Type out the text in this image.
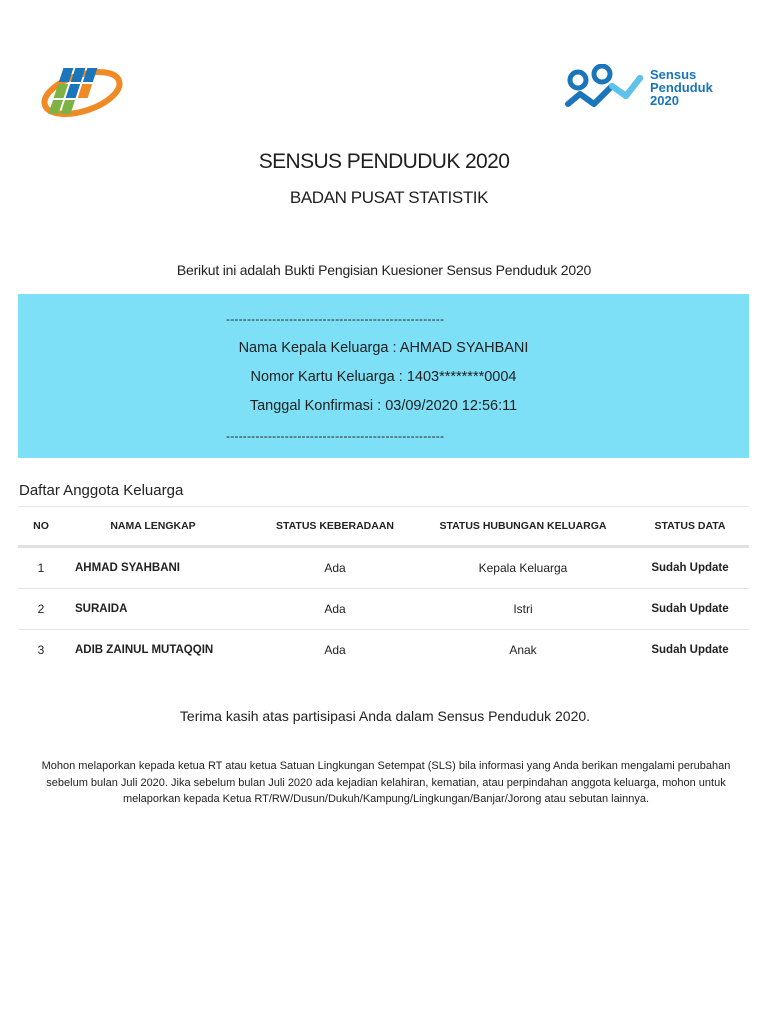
Sensus
Penduduk
2020
SENSUS PENDUDUK 2020
BADAN PUSAT STATISTIK
Berikut ini adalah Bukti Pengisian Kuesioner Sensus Penduduk 2020
----------------------------------------------------
Nama Kepala Keluarga : AHMAD SYAHBANI
Nomor Kartu Keluarga : 1403********0004
Tanggal Konfirmasi : 03/09/2020 12:56:11
----------------------------------------------------
Daftar Anggota Keluarga
NO	NAMA LENGKAP	STATUS KEBERADAAN	STATUS HUBUNGAN KELUARGA	STATUS DATA
1	AHMAD SYAHBANI	Ada	Kepala Keluarga	Sudah Update
2	SURAIDA	Ada	Istri	Sudah Update
3	ADIB ZAINUL MUTAQQIN	Ada	Anak	Sudah Update
Terima kasih atas partisipasi Anda dalam Sensus Penduduk 2020.
Mohon melaporkan kepada ketua RT atau ketua Satuan Lingkungan Setempat (SLS) bila informasi yang Anda berikan mengalami perubahan sebelum bulan Juli 2020. Jika sebelum bulan Juli 2020 ada kejadian kelahiran, kematian, atau perpindahan anggota keluarga, mohon untuk melaporkan kepada Ketua RT/RW/Dusun/Dukuh/Kampung/Lingkungan/Banjar/Jorong atau sebutan lainnya.
